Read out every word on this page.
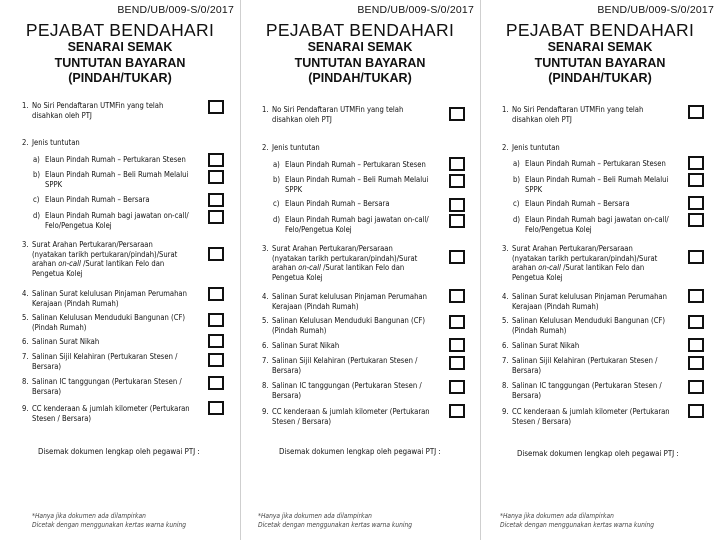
BEND/UB/009-S/0/2017
PEJABAT BENDAHARI
SENARAI SEMAK
TUNTUTAN BAYARAN
(PINDAH/TUKAR)
1. No Siri Pendaftaran UTMFin yang telah
disahkan oleh PTJ
2. Jenis tuntutan
a) Elaun Pindah Rumah – Pertukaran Stesen
b) Elaun Pindah Rumah – Beli Rumah Melalui
SPPK
c) Elaun Pindah Rumah – Bersara
d) Elaun Pindah Rumah bagi jawatan on-call/
Felo/Pengetua Kolej
3. Surat Arahan Pertukaran/Persaraan
(nyatakan tarikh pertukaran/pindah)/Surat
arahan on-call /Surat lantikan Felo dan
Pengetua Kolej
4. Salinan Surat kelulusan Pinjaman Perumahan
Kerajaan (Pindah Rumah)
5. Salinan Kelulusan Menduduki Bangunan (CF)
(Pindah Rumah)
6. Salinan Surat Nikah
7. Salinan Sijil Kelahiran (Pertukaran Stesen /
Bersara)
8. Salinan IC tanggungan (Pertukaran Stesen /
Bersara)
9. CC kenderaan & jumlah kilometer (Pertukaran
Stesen / Bersara)
Disemak dokumen lengkap oleh pegawai PTJ :
*Hanya jika dokumen ada dilampirkan
Dicetak dengan menggunakan kertas warna kuning
BEND/UB/009-S/0/2017
PEJABAT BENDAHARI
SENARAI SEMAK
TUNTUTAN BAYARAN
(PINDAH/TUKAR)
1. No Siri Pendaftaran UTMFin yang telah
disahkan oleh PTJ
2. Jenis tuntutan
a) Elaun Pindah Rumah – Pertukaran Stesen
b) Elaun Pindah Rumah – Beli Rumah Melalui
SPPK
c) Elaun Pindah Rumah – Bersara
d) Elaun Pindah Rumah bagi jawatan on-call/
Felo/Pengetua Kolej
3. Surat Arahan Pertukaran/Persaraan
(nyatakan tarikh pertukaran/pindah)/Surat
arahan on-call /Surat lantikan Felo dan
Pengetua Kolej
4. Salinan Surat kelulusan Pinjaman Perumahan
Kerajaan (Pindah Rumah)
5. Salinan Kelulusan Menduduki Bangunan (CF)
(Pindah Rumah)
6. Salinan Surat Nikah
7. Salinan Sijil Kelahiran (Pertukaran Stesen /
Bersara)
8. Salinan IC tanggungan (Pertukaran Stesen /
Bersara)
9. CC kenderaan & jumlah kilometer (Pertukaran
Stesen / Bersara)
Disemak dokumen lengkap oleh pegawai PTJ :
*Hanya jika dokumen ada dilampirkan
Dicetak dengan menggunakan kertas warna kuning
BEND/UB/009-S/0/2017
PEJABAT BENDAHARI
SENARAI SEMAK
TUNTUTAN BAYARAN
(PINDAH/TUKAR)
1. No Siri Pendaftaran UTMFin yang telah
disahkan oleh PTJ
2. Jenis tuntutan
a) Elaun Pindah Rumah – Pertukaran Stesen
b) Elaun Pindah Rumah – Beli Rumah Melalui
SPPK
c) Elaun Pindah Rumah – Bersara
d) Elaun Pindah Rumah bagi jawatan on-call/
Felo/Pengetua Kolej
3. Surat Arahan Pertukaran/Persaraan
(nyatakan tarikh pertukaran/pindah)/Surat
arahan on-call /Surat lantikan Felo dan
Pengetua Kolej
4. Salinan Surat kelulusan Pinjaman Perumahan
Kerajaan (Pindah Rumah)
5. Salinan Kelulusan Menduduki Bangunan (CF)
(Pindah Rumah)
6. Salinan Surat Nikah
7. Salinan Sijil Kelahiran (Pertukaran Stesen /
Bersara)
8. Salinan IC tanggungan (Pertukaran Stesen /
Bersara)
9. CC kenderaan & jumlah kilometer (Pertukaran
Stesen / Bersara)
Disemak dokumen lengkap oleh pegawai PTJ :
*Hanya jika dokumen ada dilampirkan
Dicetak dengan menggunakan kertas warna kuning
